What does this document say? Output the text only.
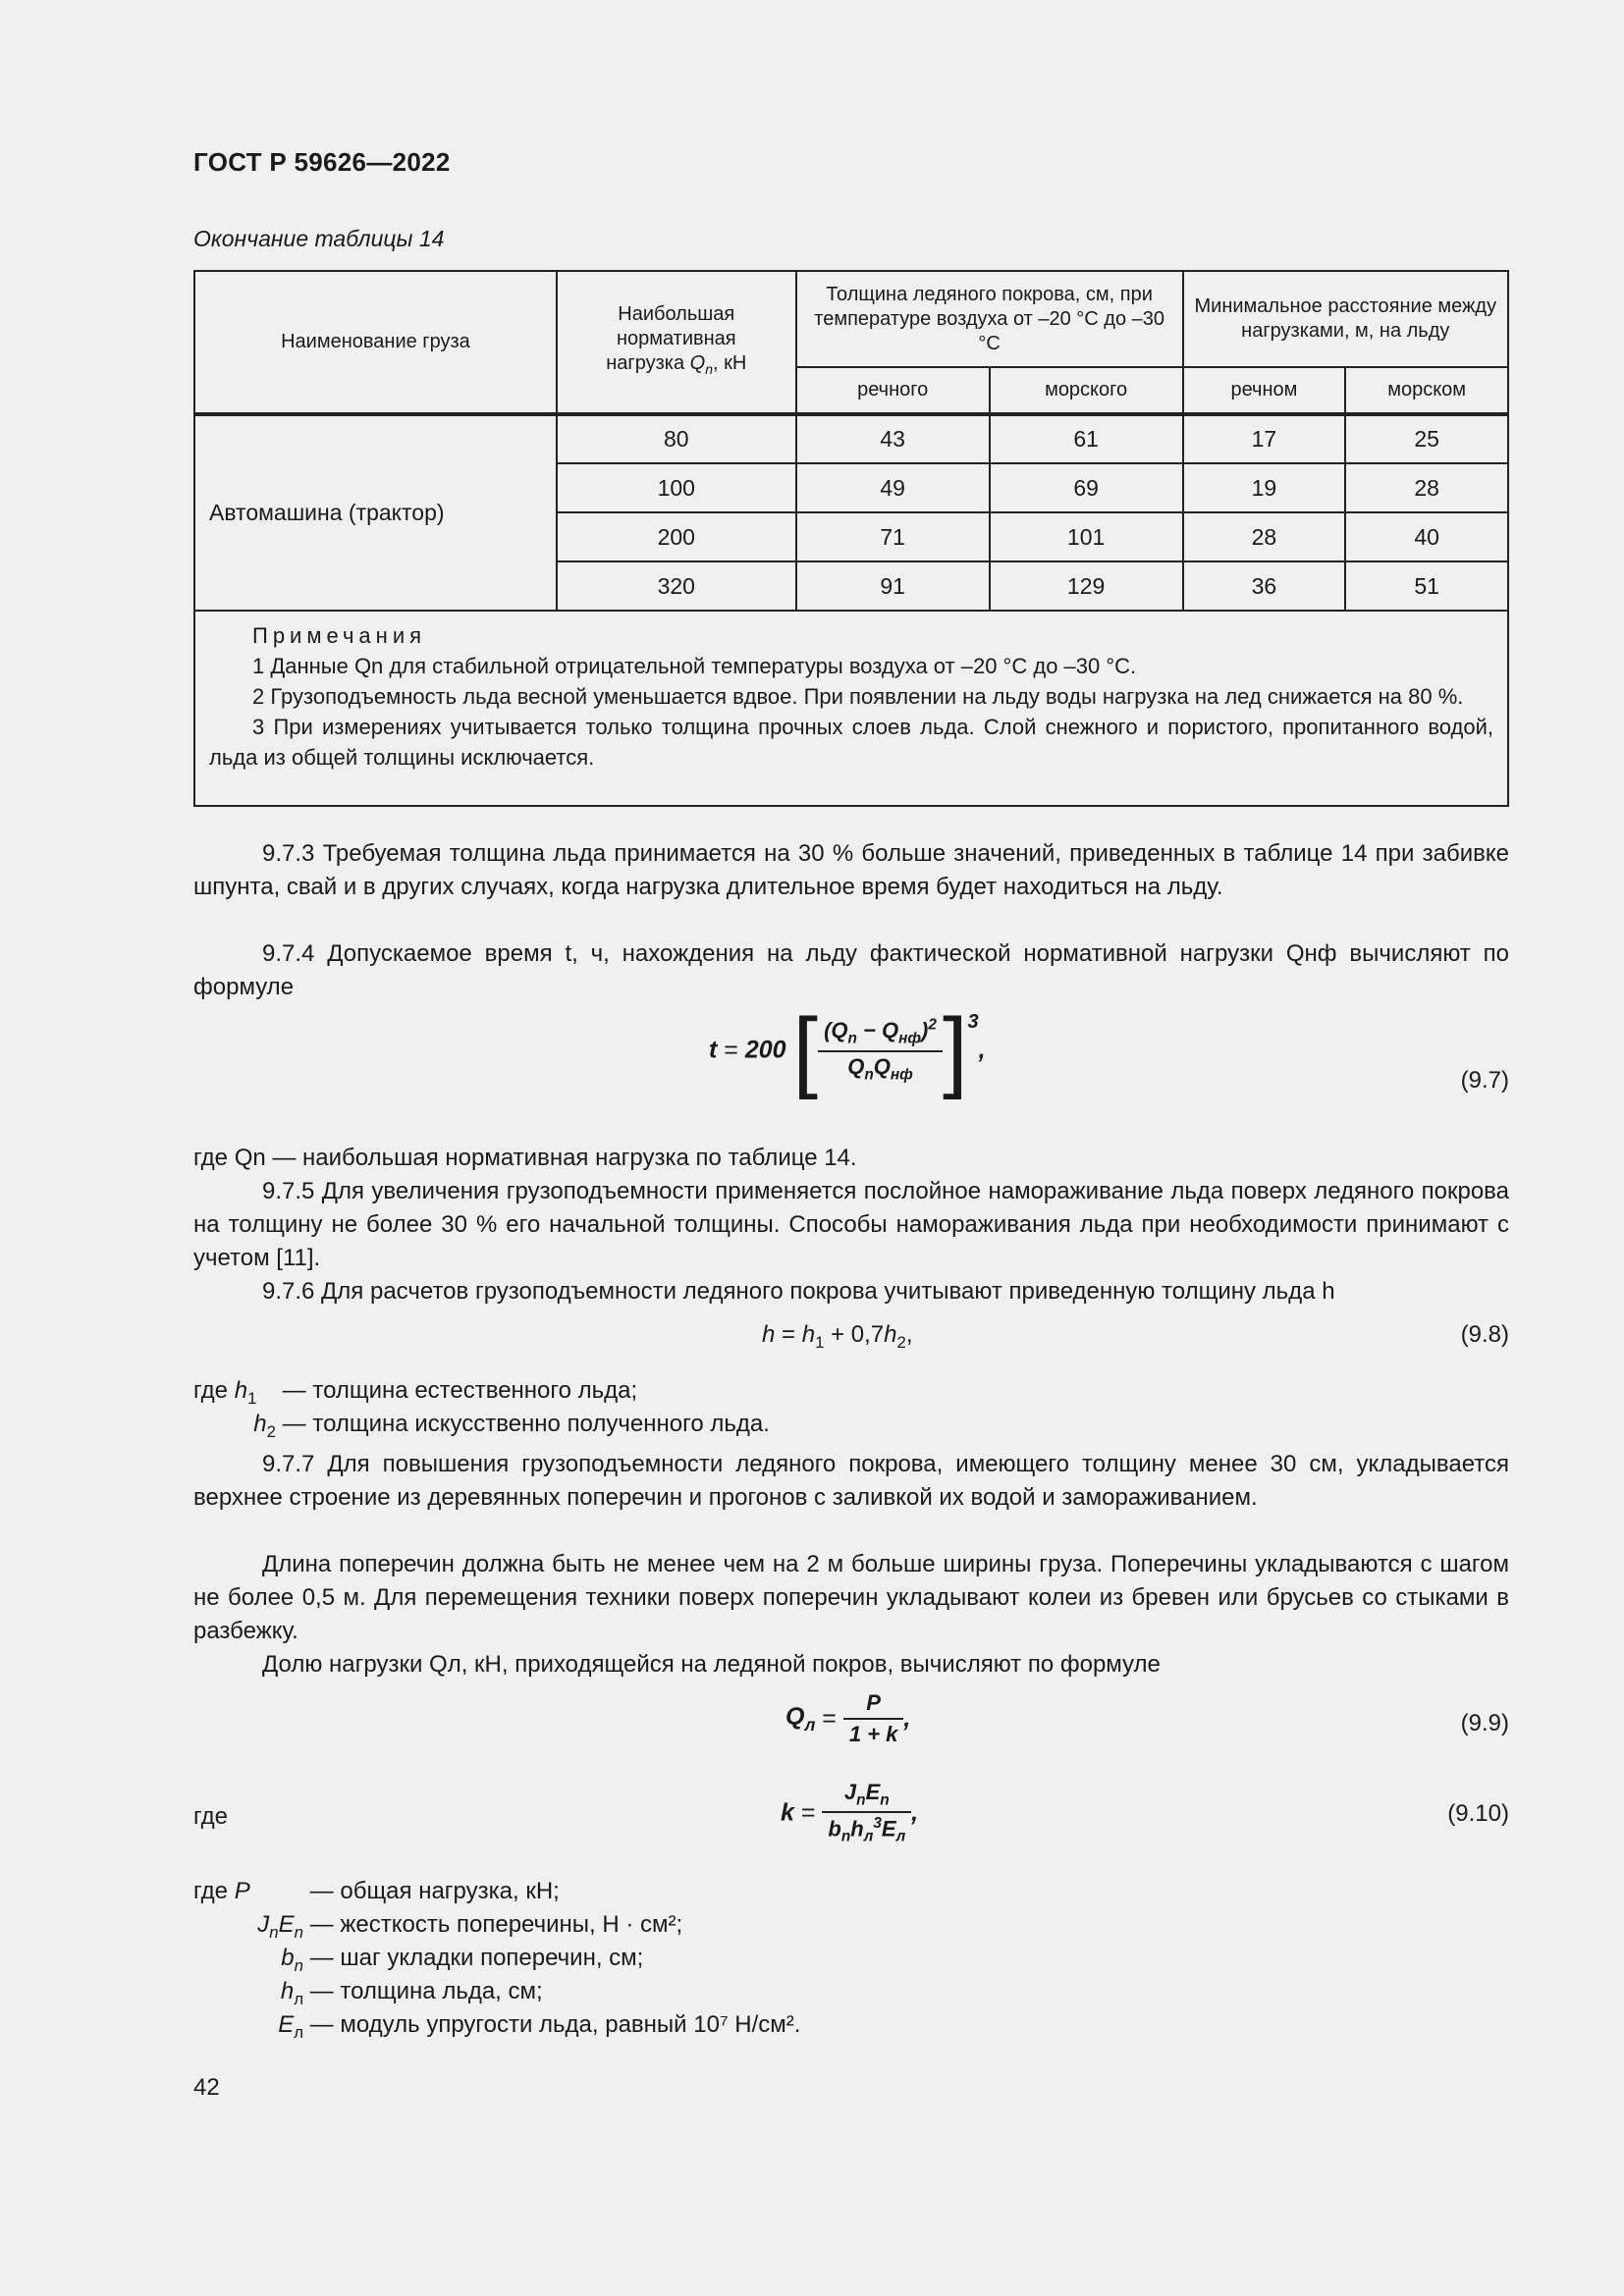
ГОСТ Р 59626—2022
Окончание таблицы 14
Наименование груза	Наибольшая
нормативная
нагрузка $Q_n$, кН	Толщина ледяного покрова, см, при температуре воздуха от –20 °С до –30 °С		Минимальное расстояние между нагрузками, м, на льду	
		речного	морского	речном	морском
Автомашина (трактор)	80	43	61	17	25
	100	49	69	19	28
	200	71	101	28	40
	320	91	129	36	51
Примечания
1 Данные Qn для стабильной отрицательной температуры воздуха от –20 °С до –30 °С.
2 Грузоподъемность льда весной уменьшается вдвое. При появлении на льду воды нагрузка на лед снижается на 80 %.
3 При измерениях учитывается только толщина прочных слоев льда. Слой снежного и пористого, пропитанного водой, льда из общей толщины исключается.
9.7.3 Требуемая толщина льда принимается на 30 % больше значений, приведенных в таблице 14 при забивке шпунта, свай и в других случаях, когда нагрузка длительное время будет находиться на льду.
9.7.4 Допускаемое время t, ч, нахождения на льду фактической нормативной нагрузки Qнф вычисляют по формуле
t = 200 [ $\frac{(Q_n - Q_{нф})^2}{Q_nQ_{нф}} ]^3$,
(9.7)
где Qn — наибольшая нормативная нагрузка по таблице 14.
9.7.5 Для увеличения грузоподъемности применяется послойное намораживание льда поверх ледяного покрова на толщину не более 30 % его начальной толщины. Способы намораживания льда при необходимости принимают с учетом [11].
9.7.6 Для расчетов грузоподъемности ледяного покрова учитывают приведенную толщину льда h
$h = h_1 + 0,7h_2$,	(9.8)
где $h_1$ — толщина естественного льда;
$h_2$ — толщина искусственно полученного льда.
9.7.7 Для повышения грузоподъемности ледяного покрова, имеющего толщину менее 30 см, укладывается верхнее строение из деревянных поперечин и прогонов с заливкой их водой и замораживанием.
Длина поперечин должна быть не менее чем на 2 м больше ширины груза. Поперечины укладываются с шагом не более 0,5 м. Для перемещения техники поверх поперечин укладывают колеи из бревен или брусьев со стыками в разбежку.
Долю нагрузки Qл, кН, приходящейся на ледяной покров, вычисляют по формуле
$Q_л = \frac{P}{1 + k}$ ,	(9.9)
где	$k = \frac{J_nE_n}{b_nh_л^3E_л}$ ,	(9.10)
где P — общая нагрузка, кН;
$J_nE_n$ — жесткость поперечины, Н · см²;
$b_n$ — шаг укладки поперечин, см;
$h_л$ — толщина льда, см;
$E_л$ — модуль упругости льда, равный 10⁷ Н/см².
42
